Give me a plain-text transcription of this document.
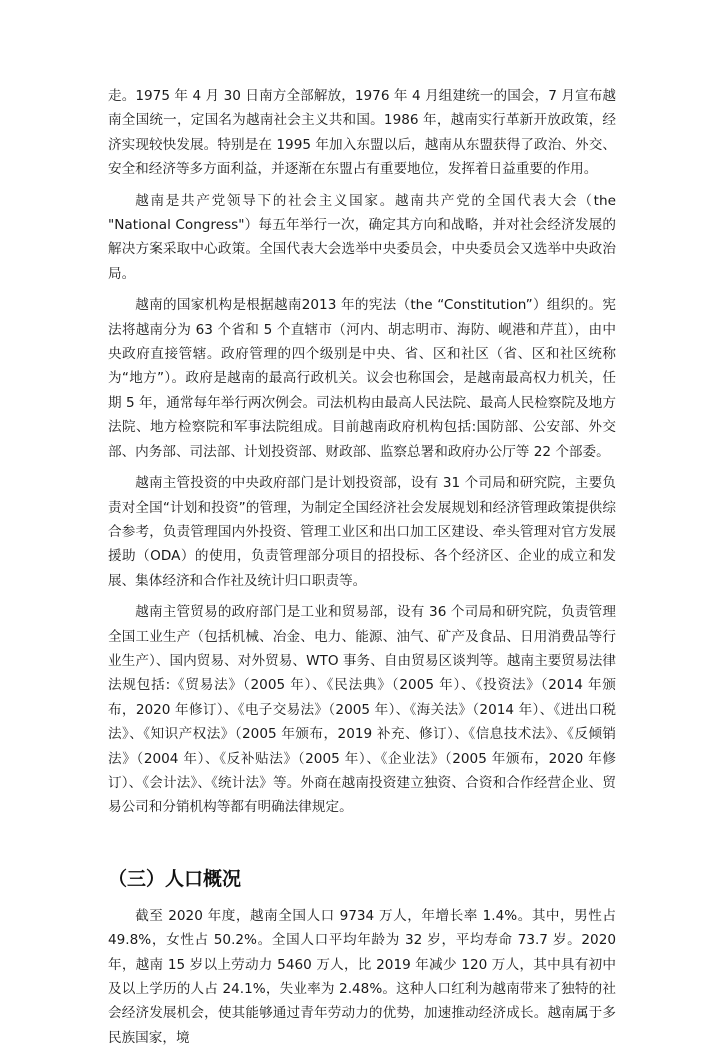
走。1975 年 4 月 30 日南方全部解放，1976 年 4 月组建统一的国会，7 月宣布越南全国统一，定国名为越南社会主义共和国。1986 年，越南实行革新开放政策，经济实现较快发展。特别是在 1995 年加入东盟以后，越南从东盟获得了政治、外交、安全和经济等多方面利益，并逐渐在东盟占有重要地位，发挥着日益重要的作用。

越南是共产党领导下的社会主义国家。越南共产党的全国代表大会（the "National Congress"）每五年举行一次，确定其方向和战略，并对社会经济发展的解决方案采取中心政策。全国代表大会选举中央委员会，中央委员会又选举中央政治局。

越南的国家机构是根据越南2013 年的宪法（the “Constitution”）组织的。宪法将越南分为 63 个省和 5 个直辖市（河内、胡志明市、海防、岘港和芹苴），由中央政府直接管辖。政府管理的四个级别是中央、省、区和社区（省、区和社区统称为“地方”）。政府是越南的最高行政机关。议会也称国会，是越南最高权力机关，任期 5 年，通常每年举行两次例会。司法机构由最高人民法院、最高人民检察院及地方法院、地方检察院和军事法院组成。目前越南政府机构包括:国防部、公安部、外交部、内务部、司法部、计划投资部、财政部、监察总署和政府办公厅等 22 个部委。

越南主管投资的中央政府部门是计划投资部，设有 31 个司局和研究院，主要负责对全国“计划和投资”的管理，为制定全国经济社会发展规划和经济管理政策提供综合参考，负责管理国内外投资、管理工业区和出口加工区建设、牵头管理对官方发展援助（ODA）的使用，负责管理部分项目的招投标、各个经济区、企业的成立和发展、集体经济和合作社及统计归口职责等。

越南主管贸易的政府部门是工业和贸易部，设有 36 个司局和研究院，负责管理全国工业生产（包括机械、冶金、电力、能源、油气、矿产及食品、日用消费品等行业生产）、国内贸易、对外贸易、WTO 事务、自由贸易区谈判等。越南主要贸易法律法规包括:《贸易法》（2005 年）、《民法典》（2005 年）、《投资法》（2014 年颁布，2020 年修订）、《电子交易法》（2005 年）、《海关法》（2014 年）、《进出口税法》、《知识产权法》（2005 年颁布，2019 补充、修订）、《信息技术法》、《反倾销法》（2004 年）、《反补贴法》（2005 年）、《企业法》（2005 年颁布，2020 年修订）、《会计法》、《统计法》等。外商在越南投资建立独资、合资和合作经营企业、贸易公司和分销机构等都有明确法律规定。

（三）人口概况

截至 2020 年度，越南全国人口 9734 万人，年增长率 1.4%。其中，男性占 49.8%，女性占 50.2%。全国人口平均年龄为 32 岁，平均寿命 73.7 岁。2020 年，越南 15 岁以上劳动力 5460 万人，比 2019 年减少 120 万人，其中具有初中及以上学历的人占 24.1%，失业率为 2.48%。这种人口红利为越南带来了独特的社会经济发展机会，使其能够通过青年劳动力的优势，加速推动经济成长。越南属于多民族国家，境
